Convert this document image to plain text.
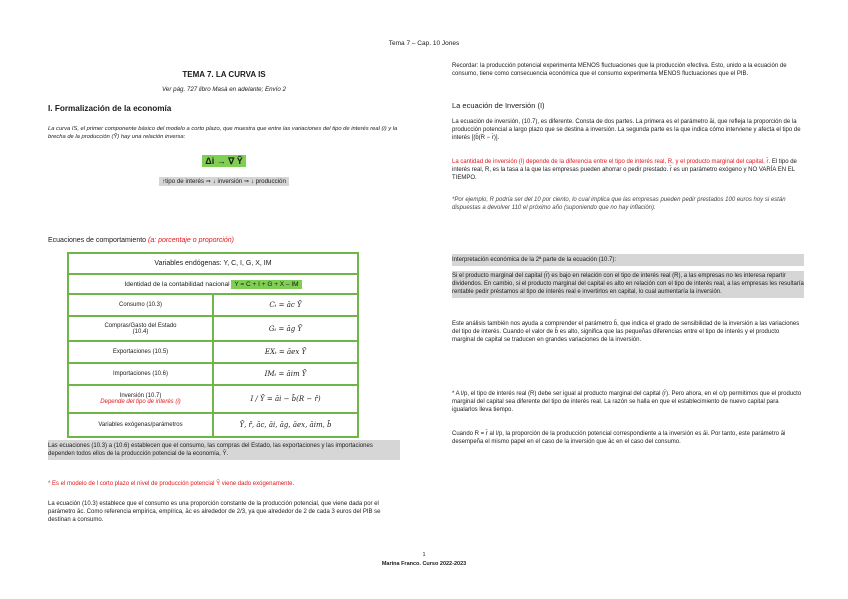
Tema 7 – Cap. 10 Jones
TEMA 7. LA CURVA IS
Ver pág. 727 libro Masà en adelante; Envío 2
I. Formalización de la economía
La curva IS, el primer componente básico del modelo a corto plazo, que muestra que entre las variaciones del tipo de interés real (i) y la brecha de la producción (Ỹ) hay una relación inversa:
Δi → ∇ Ỹ
↑tipo de interés ⇒ ↓ inversión ⇒ ↓ producción
Ecuaciones de comportamiento (a: porcentaje o proporción)
Variables endógenas: Y, C, I, G, X, IM	
Identidad de la contabilidad nacional Y = C + I + G + X – IM	
Consumo (10.3)	Cₜ = āc Ȳ

Compras/Gasto del Estado
(10.4)	Gₜ = āg Ȳ
Exportaciones (10.5)	EXₜ = āex Ȳ
Importaciones (10.6)	IMₜ = āim Ȳ

Inversión (10.7)
Depende del tipo de interés (i)	I / Ȳ = āi − b̄(R − r̄)
Variables exógenas/parámetros	Ȳ, r̄, āc, āi, āg, āex, āim, b̄
Las ecuaciones (10.3) a (10.6) establecen que el consumo, las compras del Estado, las exportaciones y las importaciones dependen todos ellos de la producción potencial de la economía, Ȳ.
* Es el modelo de l corto plazo el nivel de producción potencial Ȳ viene dado exógenamente.
La ecuación (10.3) establece que el consumo es una proporción constante de la producción potencial, que viene dada por el parámetro āc. Como referencia empírica, empírica, āc es alrededor de 2/3, ya que alrededor de 2 de cada 3 euros del PIB se destinan a consumo.
Recordar: la producción potencial experimenta MENOS fluctuaciones que la producción efectiva. Esto, unido a la ecuación de consumo, tiene como consecuencia económica que el consumo experimenta MENOS fluctuaciones que el PIB.
La ecuación de Inversión (I)
La ecuación de inversión, (10.7), es diferente. Consta de dos partes. La primera es el parámetro āi, que refleja la proporción de la producción potencial a largo plazo que se destina a inversión. La segunda parte es la que indica cómo interviene y afecta el tipo de interés [(b̄(R − r̄)].
La cantidad de inversión (I) depende de la diferencia entre el tipo de interés real, R, y el producto marginal del capital, r̄. El tipo de interés real, R, es la tasa a la que las empresas pueden ahorrar o pedir prestado. r̄ es un parámetro exógeno y NO VARÍA EN EL TIEMPO.
*Por ejemplo, R podría ser del 10 por ciento, lo cual implica que las empresas pueden pedir prestados 100 euros hoy si están dispuestas a devolver 110 el próximo año (suponiendo que no hay inflación).
Interpretación económica de la 2ª parte de la ecuación (10.7):
Si el producto marginal del capital (r̄) es bajo en relación con el tipo de interés real (R), a las empresas no les interesa repartir dividendos. En cambio, si el producto marginal del capital es alto en relación con el tipo de interés real, a las empresas les resultaría rentable pedir préstamos al tipo de interés real e invertirlos en capital, lo cual aumentaría la inversión.
Este análisis también nos ayuda a comprender el parámetro b̄, que indica el grado de sensibilidad de la inversión a las variaciones del tipo de interés. Cuando el valor de b̄ es alto, significa que las pequeñas diferencias entre el tipo de interés y el producto marginal de capital se traducen en grandes variaciones de la inversión.
* A l/p, el tipo de interés real (R) debe ser igual al producto marginal del capital (r̄). Pero ahora, en el c/p permitimos que el producto marginal del capital sea diferente del tipo de interés real. La razón se halla en que el establecimiento de nuevo capital para igualarlos lleva tiempo.
Cuando R = r̄ al l/p, la proporción de la producción potencial correspondiente a la inversión es āi. Por tanto, este parámetro āi desempeña el mismo papel en el caso de la inversión que āc en el caso del consumo.
1
Marina Franco. Curso 2022-2023
